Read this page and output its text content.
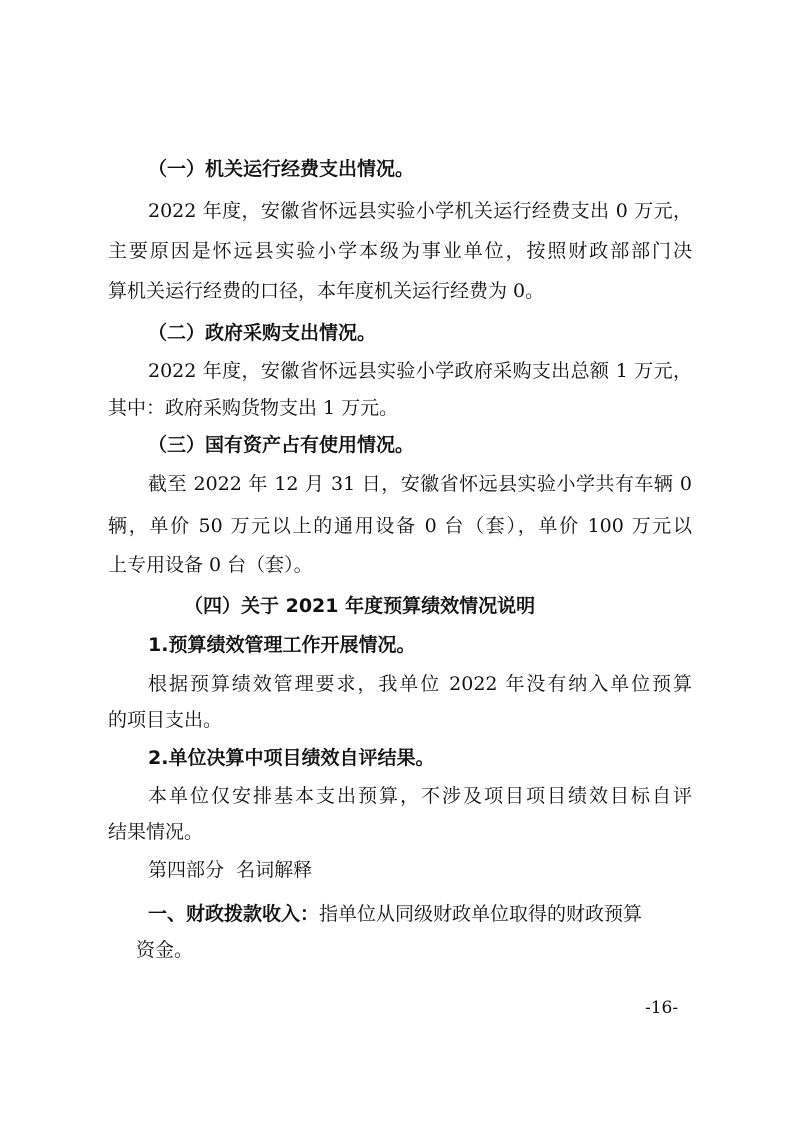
（一）机关运行经费支出情况。
2022 年度，安徽省怀远县实验小学机关运行经费支出 0 万元，
主要原因是怀远县实验小学本级为事业单位，按照财政部部门决
算机关运行经费的口径，本年度机关运行经费为 0。
（二）政府采购支出情况。
2022 年度，安徽省怀远县实验小学政府采购支出总额 1 万元，
其中：政府采购货物支出 1 万元。
（三）国有资产占有使用情况。
截至 2022 年 12 月 31 日，安徽省怀远县实验小学共有车辆 0
辆，单价 50 万元以上的通用设备 0 台（套），单价 100 万元以
上专用设备 0 台（套）。
（四）关于 2021 年度预算绩效情况说明
1.预算绩效管理工作开展情况。
根据预算绩效管理要求，我单位 2022 年没有纳入单位预算
的项目支出。
2.单位决算中项目绩效自评结果。
本单位仅安排基本支出预算，不涉及项目项目绩效目标自评
结果情况。
第四部分  名词解释
一、财政拨款收入：指单位从同级财政单位取得的财政预算
资金。
-16-
